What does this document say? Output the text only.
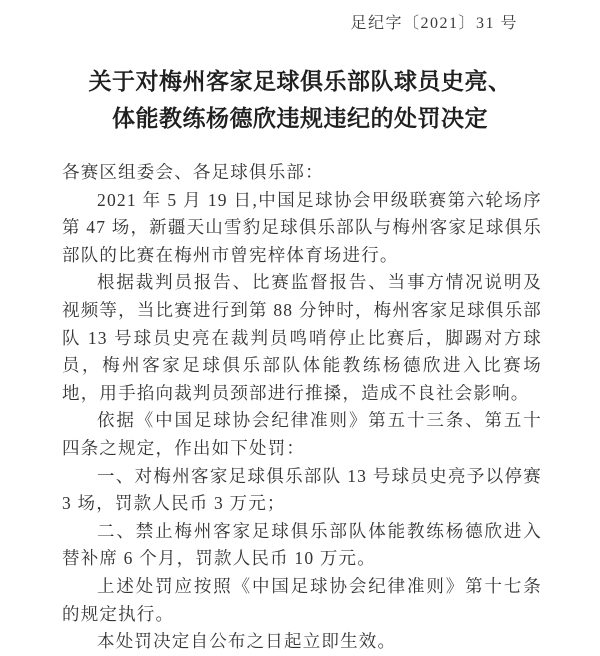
足纪字〔2021〕31 号
关于对梅州客家足球俱乐部队球员史亮、
体能教练杨德欣违规违纪的处罚决定

各赛区组委会、各足球俱乐部：

2021 年 5 月 19 日,中国足球协会甲级联赛第六轮场序第 47 场，新疆天山雪豹足球俱乐部队与梅州客家足球俱乐部队的比赛在梅州市曾宪梓体育场进行。

根据裁判员报告、比赛监督报告、当事方情况说明及视频等，当比赛进行到第 88 分钟时，梅州客家足球俱乐部队 13 号球员史亮在裁判员鸣哨停止比赛后，脚踢对方球员，梅州客家足球俱乐部队体能教练杨德欣进入比赛场地，用手掐向裁判员颈部进行推搡，造成不良社会影响。

依据《中国足球协会纪律准则》第五十三条、第五十四条之规定，作出如下处罚：

一、对梅州客家足球俱乐部队 13 号球员史亮予以停赛 3 场，罚款人民币 3 万元；

二、禁止梅州客家足球俱乐部队体能教练杨德欣进入替补席 6 个月，罚款人民币 10 万元。

上述处罚应按照《中国足球协会纪律准则》第十七条的规定执行。

本处罚决定自公布之日起立即生效。
